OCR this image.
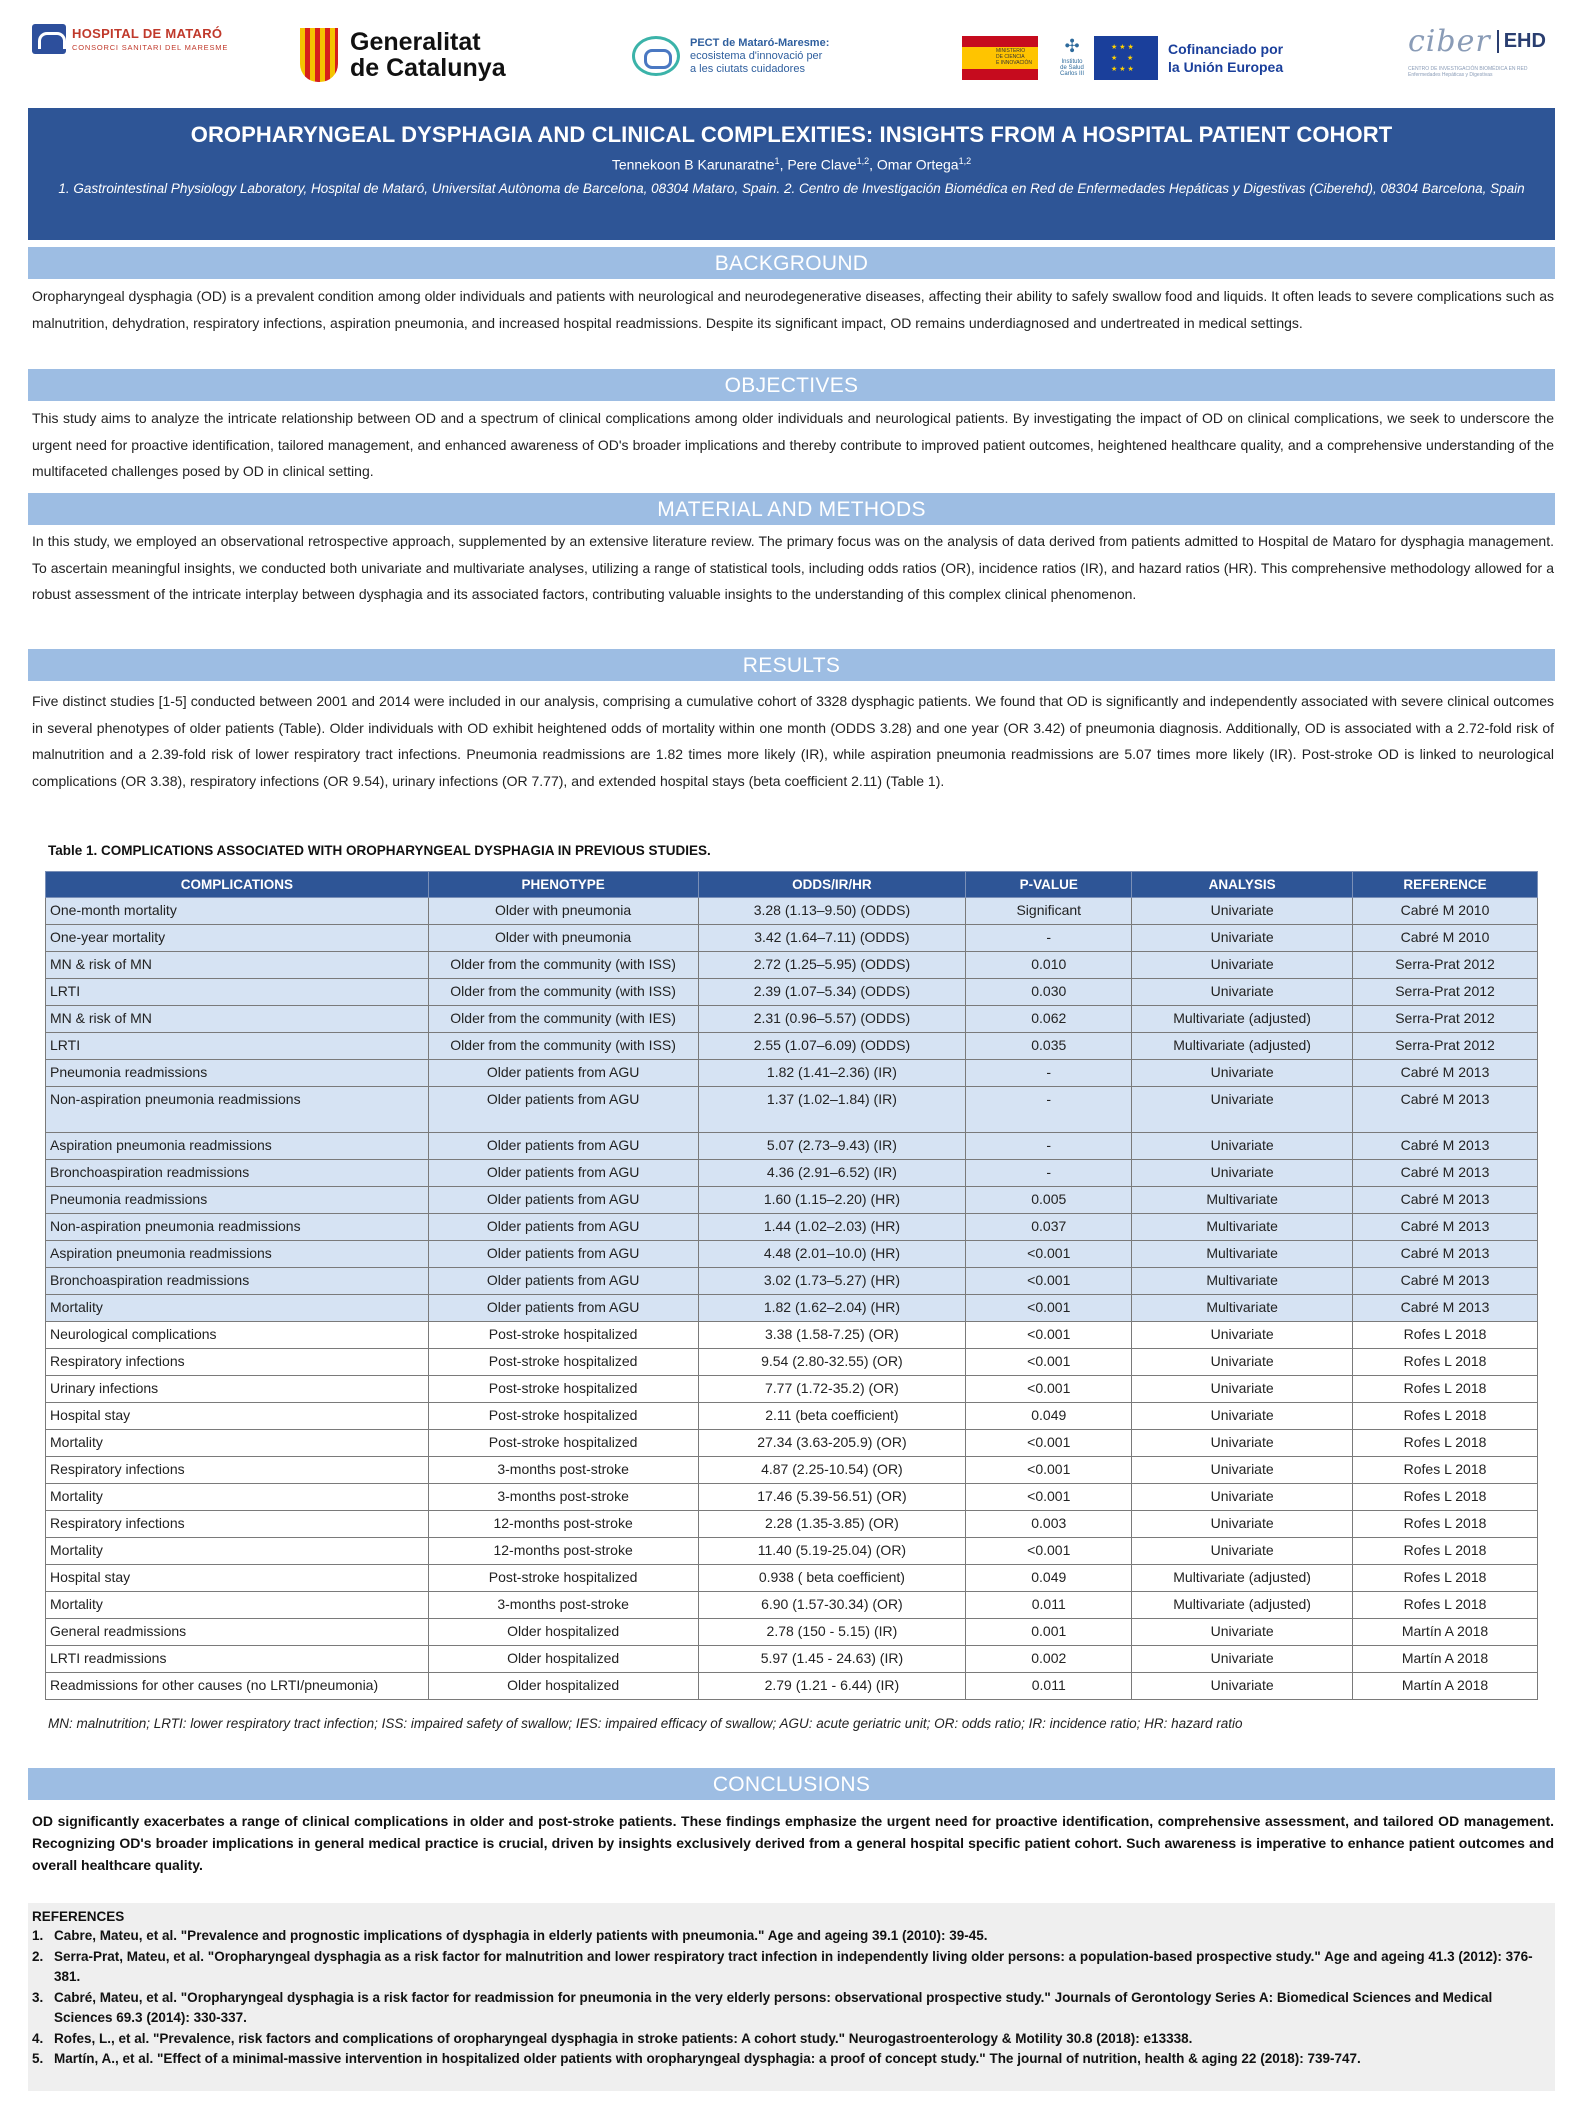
HOSPITAL DE MATARÓ
CONSORCI SANITARI DEL MARESME	Generalitat
de Catalunya
PECT de Mataró-Maresme:
ecosistema d'innovació per
a les ciutats cuidadores
MINISTERIO
DE CIENCIA
E INNOVACIÓN
✣
Instituto
de Salud
Carlos III
★ ★ ★ ★ ★ ★ ★ ★
Cofinanciado por
la Unión Europea
ciber EHD
CENTRO DE INVESTIGACIÓN BIOMÉDICA EN RED
Enfermedades Hepáticas y Digestivas
OROPHARYNGEAL DYSPHAGIA AND CLINICAL COMPLEXITIES: INSIGHTS FROM A HOSPITAL PATIENT COHORT
Tennekoon B Karunaratne$^1$, Pere Clave$^{1,2}$, Omar Ortega$^{1,2}$
1. Gastrointestinal Physiology Laboratory, Hospital de Mataró, Universitat Autònoma de Barcelona, 08304 Mataro, Spain. 2. Centro de Investigación Biomédica en Red de Enfermedades Hepáticas y Digestivas (Ciberehd), 08304 Barcelona, Spain
BACKGROUND
Oropharyngeal dysphagia (OD) is a prevalent condition among older individuals and patients with neurological and neurodegenerative diseases, affecting their ability to safely swallow food and liquids. It often leads to severe complications such as malnutrition, dehydration, respiratory infections, aspiration pneumonia, and increased hospital readmissions. Despite its significant impact, OD remains underdiagnosed and undertreated in medical settings.
OBJECTIVES
This study aims to analyze the intricate relationship between OD and a spectrum of clinical complications among older individuals and neurological patients. By investigating the impact of OD on clinical complications, we seek to underscore the urgent need for proactive identification, tailored management, and enhanced awareness of OD's broader implications and thereby contribute to improved patient outcomes, heightened healthcare quality, and a comprehensive understanding of the multifaceted challenges posed by OD in clinical setting.
MATERIAL AND METHODS
In this study, we employed an observational retrospective approach, supplemented by an extensive literature review. The primary focus was on the analysis of data derived from patients admitted to Hospital de Mataro for dysphagia management. To ascertain meaningful insights, we conducted both univariate and multivariate analyses, utilizing a range of statistical tools, including odds ratios (OR), incidence ratios (IR), and hazard ratios (HR). This comprehensive methodology allowed for a robust assessment of the intricate interplay between dysphagia and its associated factors, contributing valuable insights to the understanding of this complex clinical phenomenon.
RESULTS
Five distinct studies [1-5] conducted between 2001 and 2014 were included in our analysis, comprising a cumulative cohort of 3328 dysphagic patients. We found that OD is significantly and independently associated with severe clinical outcomes in several phenotypes of older patients (Table). Older individuals with OD exhibit heightened odds of mortality within one month (ODDS 3.28) and one year (OR 3.42) of pneumonia diagnosis. Additionally, OD is associated with a 2.72-fold risk of malnutrition and a 2.39-fold risk of lower respiratory tract infections. Pneumonia readmissions are 1.82 times more likely (IR), while aspiration pneumonia readmissions are 5.07 times more likely (IR). Post-stroke OD is linked to neurological complications (OR 3.38), respiratory infections (OR 9.54), urinary infections (OR 7.77), and extended hospital stays (beta coefficient 2.11) (Table 1).
Table 1. COMPLICATIONS ASSOCIATED WITH OROPHARYNGEAL DYSPHAGIA IN PREVIOUS STUDIES.
COMPLICATIONS	PHENOTYPE	ODDS/IR/HR	P-VALUE	ANALYSIS	REFERENCE
One-month mortality	Older with pneumonia	3.28 (1.13–9.50) (ODDS)	Significant	Univariate	Cabré M 2010
One-year mortality	Older with pneumonia	3.42 (1.64–7.11) (ODDS)	-	Univariate	Cabré M 2010
MN & risk of MN	Older from the community (with ISS)	2.72 (1.25–5.95) (ODDS)	0.010	Univariate	Serra-Prat 2012
LRTI	Older from the community (with ISS)	2.39 (1.07–5.34) (ODDS)	0.030	Univariate	Serra-Prat 2012
MN & risk of MN	Older from the community (with IES)	2.31 (0.96–5.57) (ODDS)	0.062	Multivariate (adjusted)	Serra-Prat 2012
LRTI	Older from the community (with ISS)	2.55 (1.07–6.09) (ODDS)	0.035	Multivariate (adjusted)	Serra-Prat 2012
Pneumonia readmissions	Older patients from AGU	1.82 (1.41–2.36) (IR)	-	Univariate	Cabré M 2013
Non-aspiration pneumonia readmissions	Older patients from AGU	1.37 (1.02–1.84) (IR)	-	Univariate	Cabré M 2013
Aspiration pneumonia readmissions	Older patients from AGU	5.07 (2.73–9.43) (IR)	-	Univariate	Cabré M 2013
Bronchoaspiration readmissions	Older patients from AGU	4.36 (2.91–6.52) (IR)	-	Univariate	Cabré M 2013
Pneumonia readmissions	Older patients from AGU	1.60 (1.15–2.20) (HR)	0.005	Multivariate	Cabré M 2013
Non-aspiration pneumonia readmissions	Older patients from AGU	1.44 (1.02–2.03) (HR)	0.037	Multivariate	Cabré M 2013
Aspiration pneumonia readmissions	Older patients from AGU	4.48 (2.01–10.0) (HR)	<0.001	Multivariate	Cabré M 2013
Bronchoaspiration readmissions	Older patients from AGU	3.02 (1.73–5.27) (HR)	<0.001	Multivariate	Cabré M 2013
Mortality	Older patients from AGU	1.82 (1.62–2.04) (HR)	<0.001	Multivariate	Cabré M 2013
Neurological complications	Post-stroke hospitalized	3.38 (1.58-7.25) (OR)	<0.001	Univariate	Rofes L 2018
Respiratory infections	Post-stroke hospitalized	9.54 (2.80-32.55) (OR)	<0.001	Univariate	Rofes L 2018
Urinary infections	Post-stroke hospitalized	7.77 (1.72-35.2) (OR)	<0.001	Univariate	Rofes L 2018
Hospital stay	Post-stroke hospitalized	2.11 (beta coefficient)	0.049	Univariate	Rofes L 2018
Mortality	Post-stroke hospitalized	27.34 (3.63-205.9) (OR)	<0.001	Univariate	Rofes L 2018
Respiratory infections	3-months post-stroke	4.87 (2.25-10.54) (OR)	<0.001	Univariate	Rofes L 2018
Mortality	3-months post-stroke	17.46 (5.39-56.51) (OR)	<0.001	Univariate	Rofes L 2018
Respiratory infections	12-months post-stroke	2.28 (1.35-3.85) (OR)	0.003	Univariate	Rofes L 2018
Mortality	12-months post-stroke	11.40 (5.19-25.04) (OR)	<0.001	Univariate	Rofes L 2018
Hospital stay	Post-stroke hospitalized	0.938 ( beta coefficient)	0.049	Multivariate (adjusted)	Rofes L 2018
Mortality	3-months post-stroke	6.90 (1.57-30.34) (OR)	0.011	Multivariate (adjusted)	Rofes L 2018
General readmissions	Older hospitalized	2.78 (150 - 5.15) (IR)	0.001	Univariate	Martín A 2018
LRTI readmissions	Older hospitalized	5.97 (1.45 - 24.63) (IR)	0.002	Univariate	Martín A 2018
Readmissions for other causes (no LRTI/pneumonia)	Older hospitalized	2.79 (1.21 - 6.44) (IR)	0.011	Univariate	Martín A 2018
MN: malnutrition; LRTI: lower respiratory tract infection; ISS: impaired safety of swallow; IES: impaired efficacy of swallow; AGU: acute geriatric unit; OR: odds ratio; IR: incidence ratio; HR: hazard ratio
CONCLUSIONS
OD significantly exacerbates a range of clinical complications in older and post-stroke patients. These findings emphasize the urgent need for proactive identification, comprehensive assessment, and tailored OD management. Recognizing OD's broader implications in general medical practice is crucial, driven by insights exclusively derived from a general hospital specific patient cohort. Such awareness is imperative to enhance patient outcomes and overall healthcare quality.
REFERENCES
1. Cabre, Mateu, et al. "Prevalence and prognostic implications of dysphagia in elderly patients with pneumonia." Age and ageing 39.1 (2010): 39-45.
2. Serra-Prat, Mateu, et al. "Oropharyngeal dysphagia as a risk factor for malnutrition and lower respiratory tract infection in independently living older persons: a population-based prospective study." Age and ageing 41.3 (2012): 376-381.
3. Cabré, Mateu, et al. "Oropharyngeal dysphagia is a risk factor for readmission for pneumonia in the very elderly persons: observational prospective study." Journals of Gerontology Series A: Biomedical Sciences and Medical Sciences 69.3 (2014): 330-337.
4. Rofes, L., et al. "Prevalence, risk factors and complications of oropharyngeal dysphagia in stroke patients: A cohort study." Neurogastroenterology & Motility 30.8 (2018): e13338.
5. Martín, A., et al. "Effect of a minimal-massive intervention in hospitalized older patients with oropharyngeal dysphagia: a proof of concept study." The journal of nutrition, health & aging 22 (2018): 739-747.
